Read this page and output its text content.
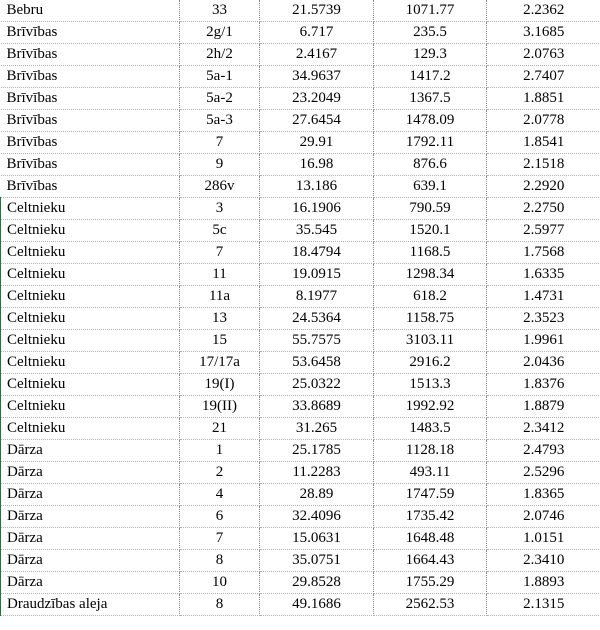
Bebru	33	21.5739	1071.77	2.2362
Brīvības	2g/1	6.717	235.5	3.1685
Brīvības	2h/2	2.4167	129.3	2.0763
Brīvības	5a-1	34.9637	1417.2	2.7407
Brīvības	5a-2	23.2049	1367.5	1.8851
Brīvības	5a-3	27.6454	1478.09	2.0778
Brīvības	7	29.91	1792.11	1.8541
Brīvības	9	16.98	876.6	2.1518
Brīvības	286v	13.186	639.1	2.2920
Celtnieku	3	16.1906	790.59	2.2750
Celtnieku	5c	35.545	1520.1	2.5977
Celtnieku	7	18.4794	1168.5	1.7568
Celtnieku	11	19.0915	1298.34	1.6335
Celtnieku	11a	8.1977	618.2	1.4731
Celtnieku	13	24.5364	1158.75	2.3523
Celtnieku	15	55.7575	3103.11	1.9961
Celtnieku	17/17a	53.6458	2916.2	2.0436
Celtnieku	19(I)	25.0322	1513.3	1.8376
Celtnieku	19(II)	33.8689	1992.92	1.8879
Celtnieku	21	31.265	1483.5	2.3412
Dārza	1	25.1785	1128.18	2.4793
Dārza	2	11.2283	493.11	2.5296
Dārza	4	28.89	1747.59	1.8365
Dārza	6	32.4096	1735.42	2.0746
Dārza	7	15.0631	1648.48	1.0151
Dārza	8	35.0751	1664.43	2.3410
Dārza	10	29.8528	1755.29	1.8893
Draudzības aleja	8	49.1686	2562.53	2.1315
